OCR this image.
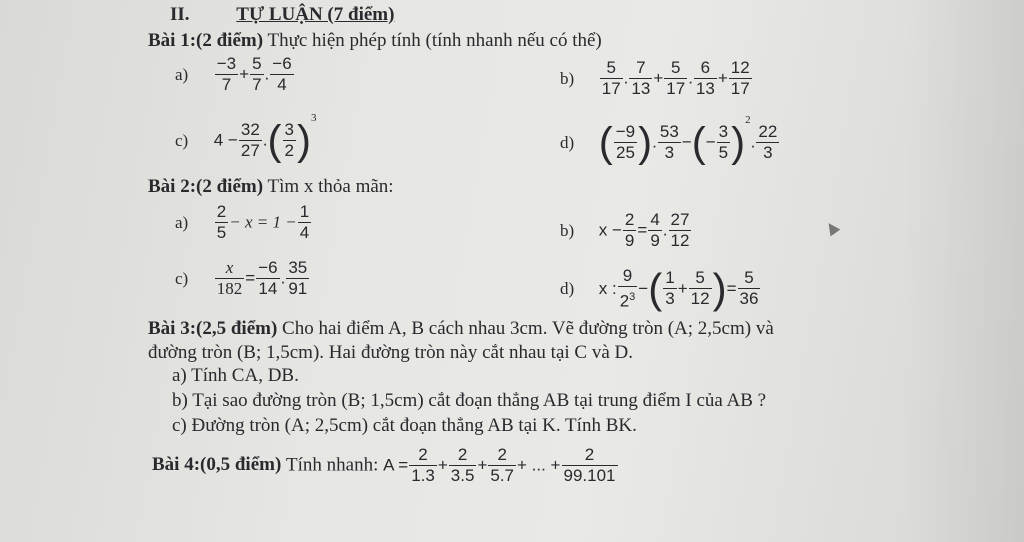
II. TỰ LUẬN (7 điểm)
Bài 1:(2 điểm) Thực hiện phép tính (tính nhanh nếu có thể)
$a) \frac{-3}{7} + \frac{5}{7}$ . $\frac{-6}{4}$	$b) \frac{5}{17}$ . $\frac{7}{13} + \frac{5}{17}$ . $\frac{6}{13} + \frac{12}{17}$
c) $4 - \frac{32}{27}$ .( $\frac{3}{2} )^3$
d) ( $\frac{-9}{25}$ ). $\frac{53}{3}$ −(− $\frac{3}{5} )^2$. $\frac{22}{3}$
Bài 2:(2 điểm) Tìm x thỏa mãn:
$a) \frac{2}{5} - x = 1 - \frac{1}{4}$	b) $x - \frac{2}{9} = \frac{4}{9}$ . $\frac{27}{12}$
$c) \frac{x}{182} = \frac{-6}{14}$ . $\frac{35}{91}$	d) x : $\frac{9}{2^3}$ −( $\frac{1}{3} + \frac{5}{12}$ )= $\frac{5}{36}$
Bài 3:(2,5 điểm) Cho hai điểm A, B cách nhau 3cm. Vẽ đường tròn (A; 2,5cm) và
đường tròn (B; 1,5cm). Hai đường tròn này cắt nhau tại C và D.
a) Tính CA, DB.
b) Tại sao đường tròn (B; 1,5cm) cắt đoạn thẳng AB tại trung điểm I của AB ?
c) Đường tròn (A; 2,5cm) cắt đoạn thẳng AB tại K. Tính BK.
Bài 4:(0,5 điểm) Tính nhanh: $A = \frac{2}{1.3} + \frac{2}{3.5} + \frac{2}{5.7}$ + ... + $\frac{2}{99.101}$
